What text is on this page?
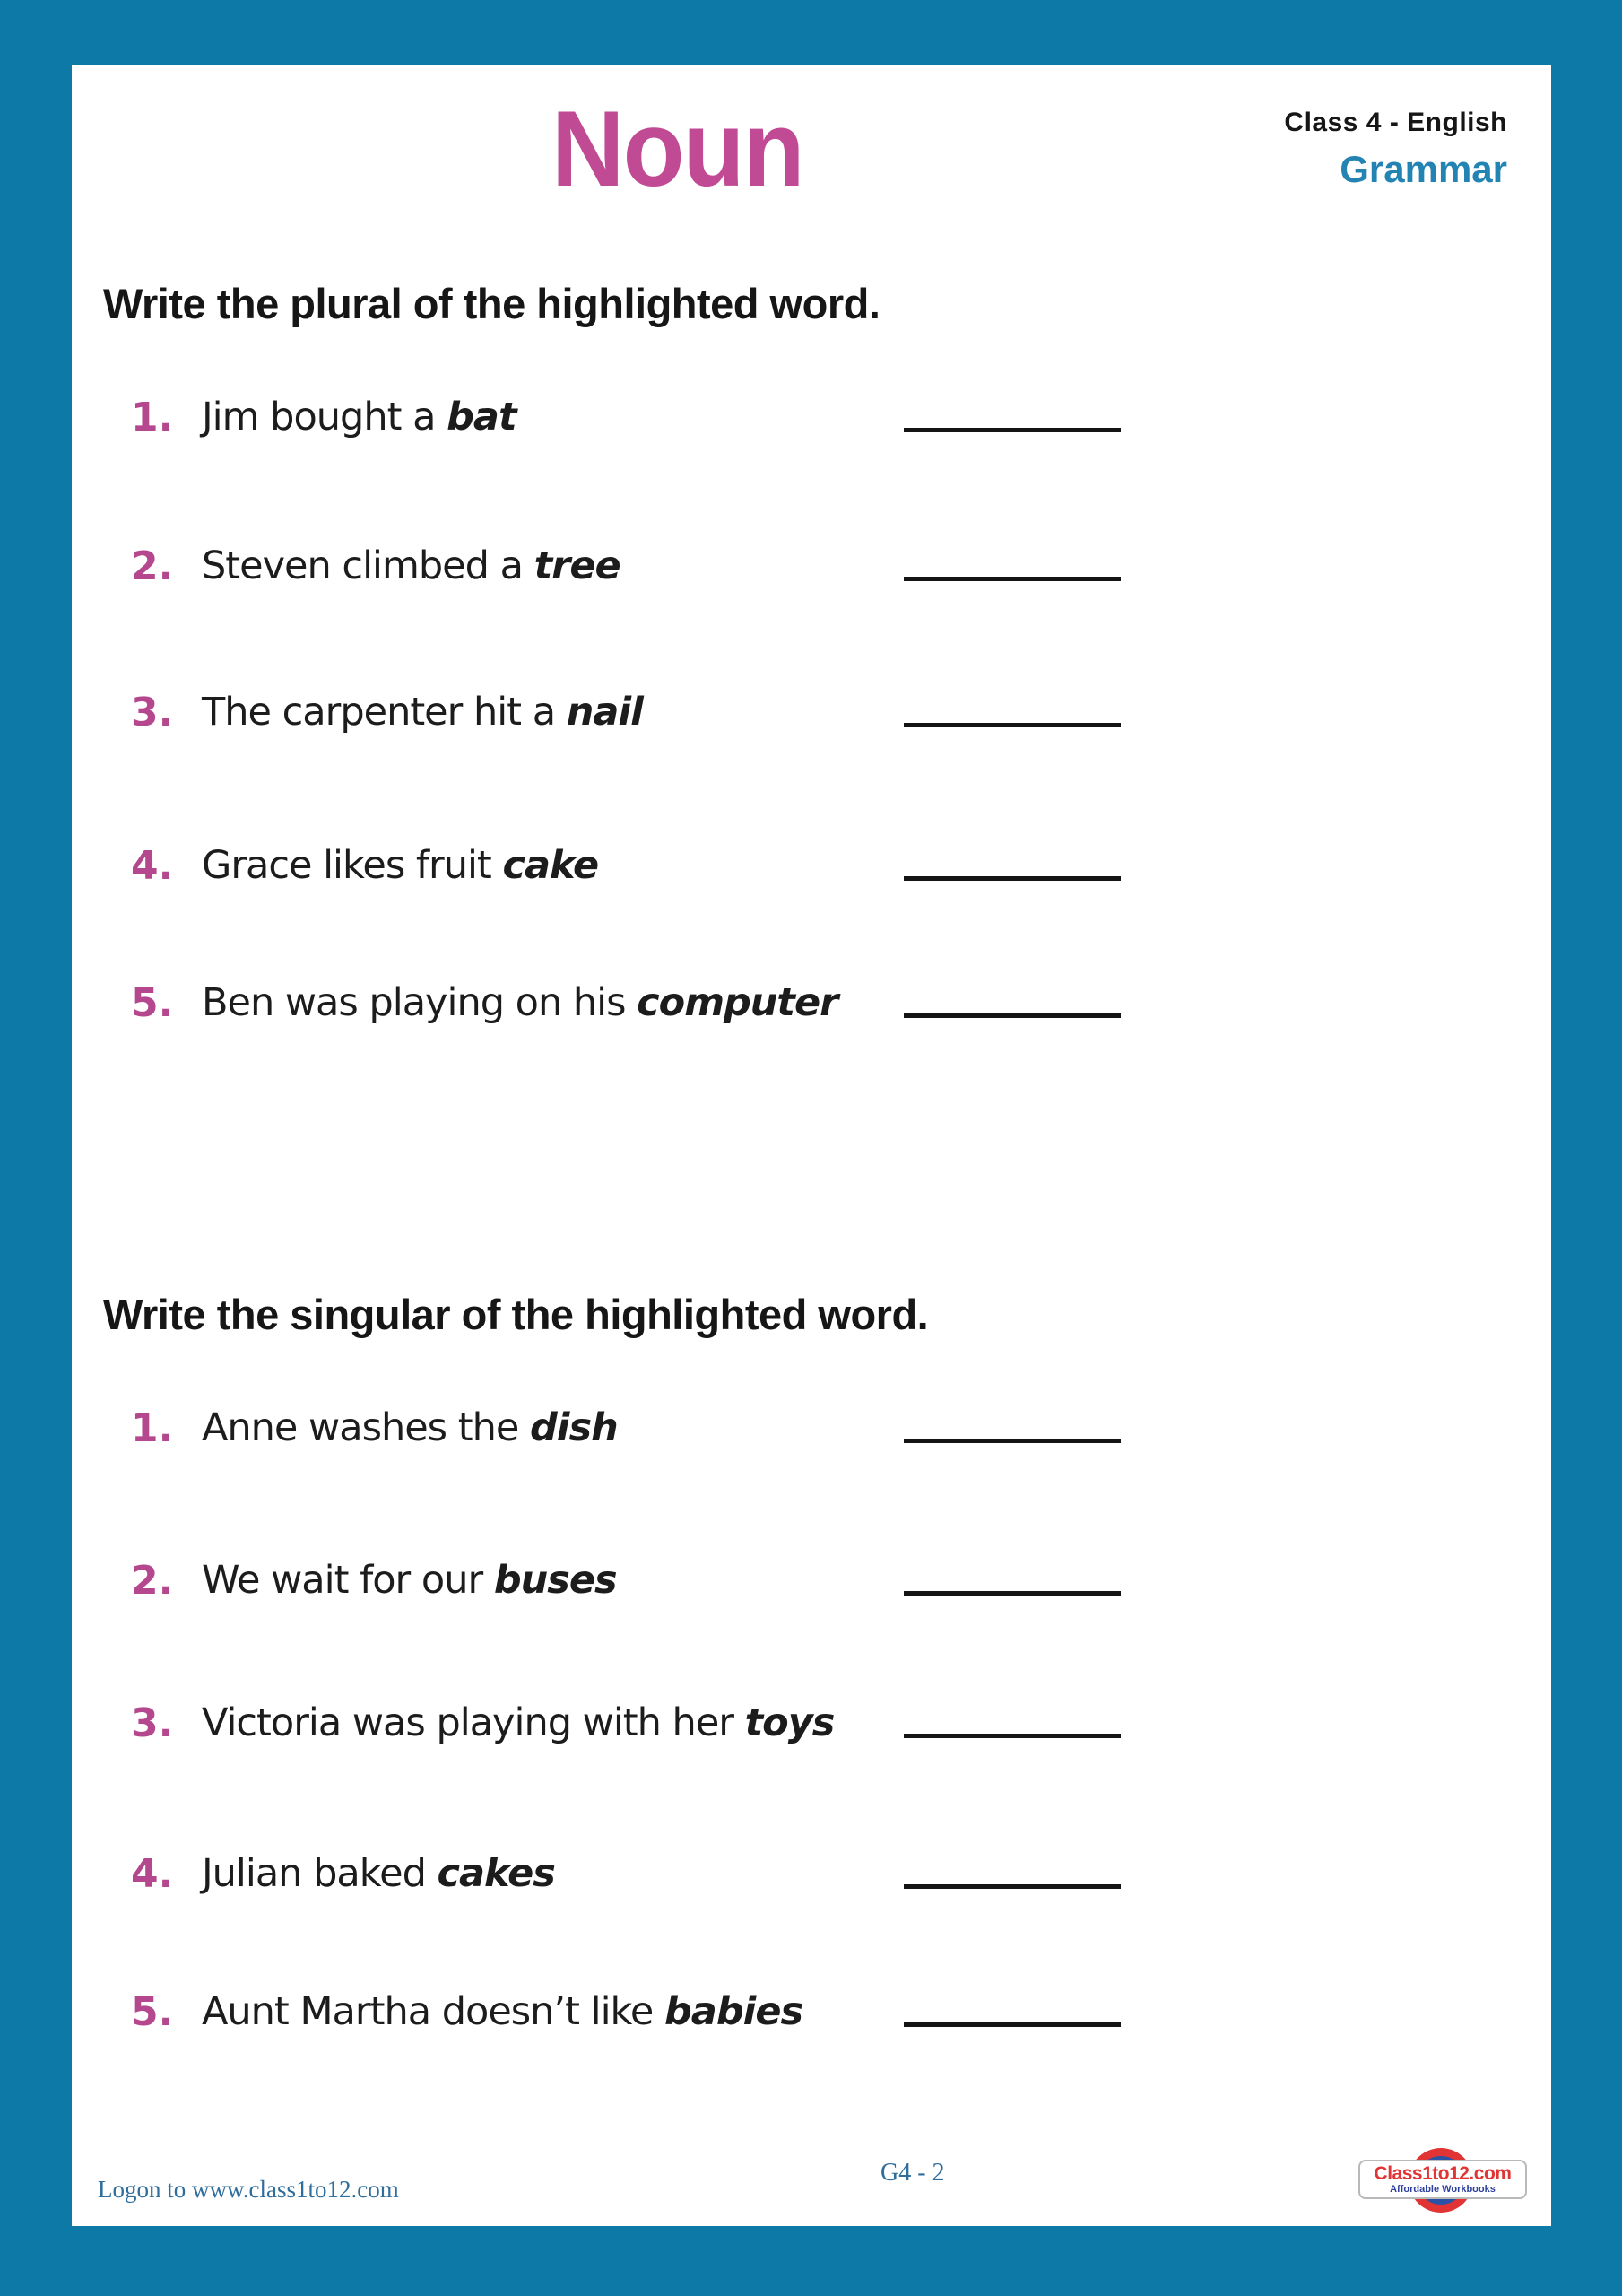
Noun	Class 4 - English
Grammar
Write the plural of the highlighted word.
1. Jim bought a bat
2. Steven climbed a tree
3. The carpenter hit a nail
4. Grace likes fruit cake
5. Ben was playing on his computer
Write the singular of the highlighted word.
1. Anne washes the dish
2. We wait for our buses
3. Victoria was playing with her toys
4. Julian baked cakes
5. Aunt Martha doesn’t like babies
Logon to www.class1to12.com
G4 - 2	Class1to12.com
Affordable Workbooks
